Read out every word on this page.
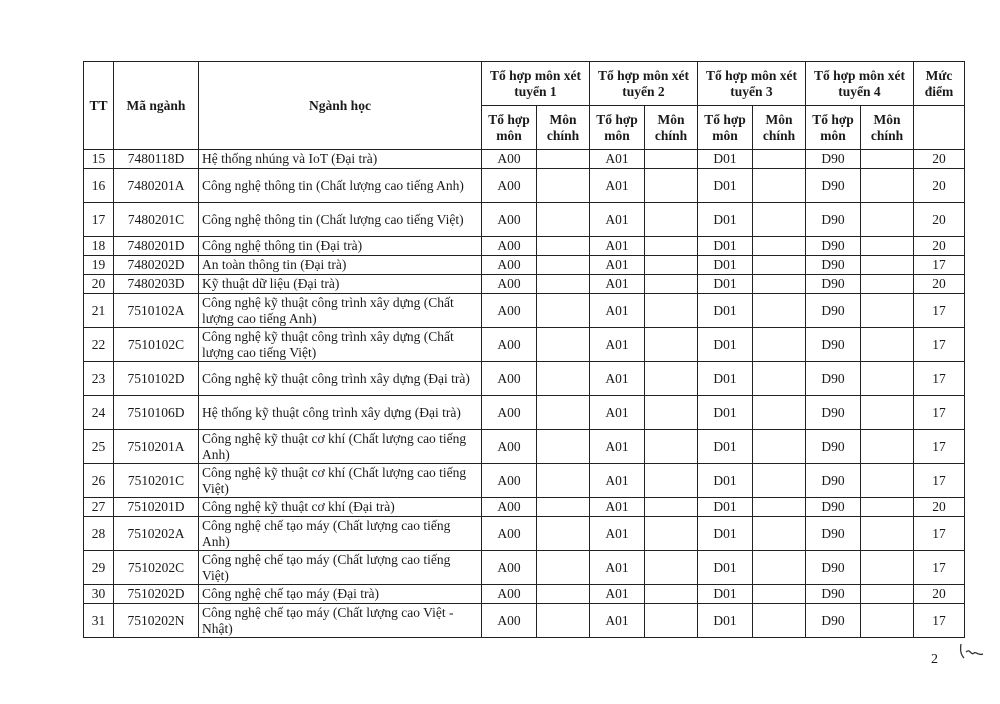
TT	Mã ngành	Ngành học	Tổ hợp môn xét tuyển 1		Tổ hợp môn xét tuyển 2		Tổ hợp môn xét tuyển 3		Tổ hợp môn xét tuyển 4		Mức điểm
			Tổ hợp môn	Môn chính	Tổ hợp môn	Môn chính	Tổ hợp môn	Môn chính	Tổ hợp môn	Môn chính	
15	7480118D	Hệ thống nhúng và IoT (Đại trà)	A00		A01		D01		D90		20
16	7480201A	Công nghệ thông tin (Chất lượng cao tiếng Anh)	A00		A01		D01		D90		20
17	7480201C	Công nghệ thông tin (Chất lượng cao tiếng Việt)	A00		A01		D01		D90		20
18	7480201D	Công nghệ thông tin (Đại trà)	A00		A01		D01		D90		20
19	7480202D	An toàn thông tin (Đại trà)	A00		A01		D01		D90		17
20	7480203D	Kỹ thuật dữ liệu (Đại trà)	A00		A01		D01		D90		20
21	7510102A	Công nghệ kỹ thuật công trình xây dựng (Chất lượng cao tiếng Anh)	A00		A01		D01		D90		17
22	7510102C	Công nghệ kỹ thuật công trình xây dựng (Chất lượng cao tiếng Việt)	A00		A01		D01		D90		17
23	7510102D	Công nghệ kỹ thuật công trình xây dựng (Đại trà)	A00		A01		D01		D90		17
24	7510106D	Hệ thống kỹ thuật công trình xây dựng (Đại trà)	A00		A01		D01		D90		17
25	7510201A	Công nghệ kỹ thuật cơ khí (Chất lượng cao tiếng Anh)	A00		A01		D01		D90		17
26	7510201C	Công nghệ kỹ thuật cơ khí (Chất lượng cao tiếng Việt)	A00		A01		D01		D90		17
27	7510201D	Công nghệ kỹ thuật cơ khí (Đại trà)	A00		A01		D01		D90		20
28	7510202A	Công nghệ chế tạo máy (Chất lượng cao tiếng Anh)	A00		A01		D01		D90		17
29	7510202C	Công nghệ chế tạo máy (Chất lượng cao tiếng Việt)	A00		A01		D01		D90		17
30	7510202D	Công nghệ chế tạo máy (Đại trà)	A00		A01		D01		D90		20
31	7510202N	Công nghệ chế tạo máy (Chất lượng cao Việt - Nhật)	A00		A01		D01		D90		17
2
